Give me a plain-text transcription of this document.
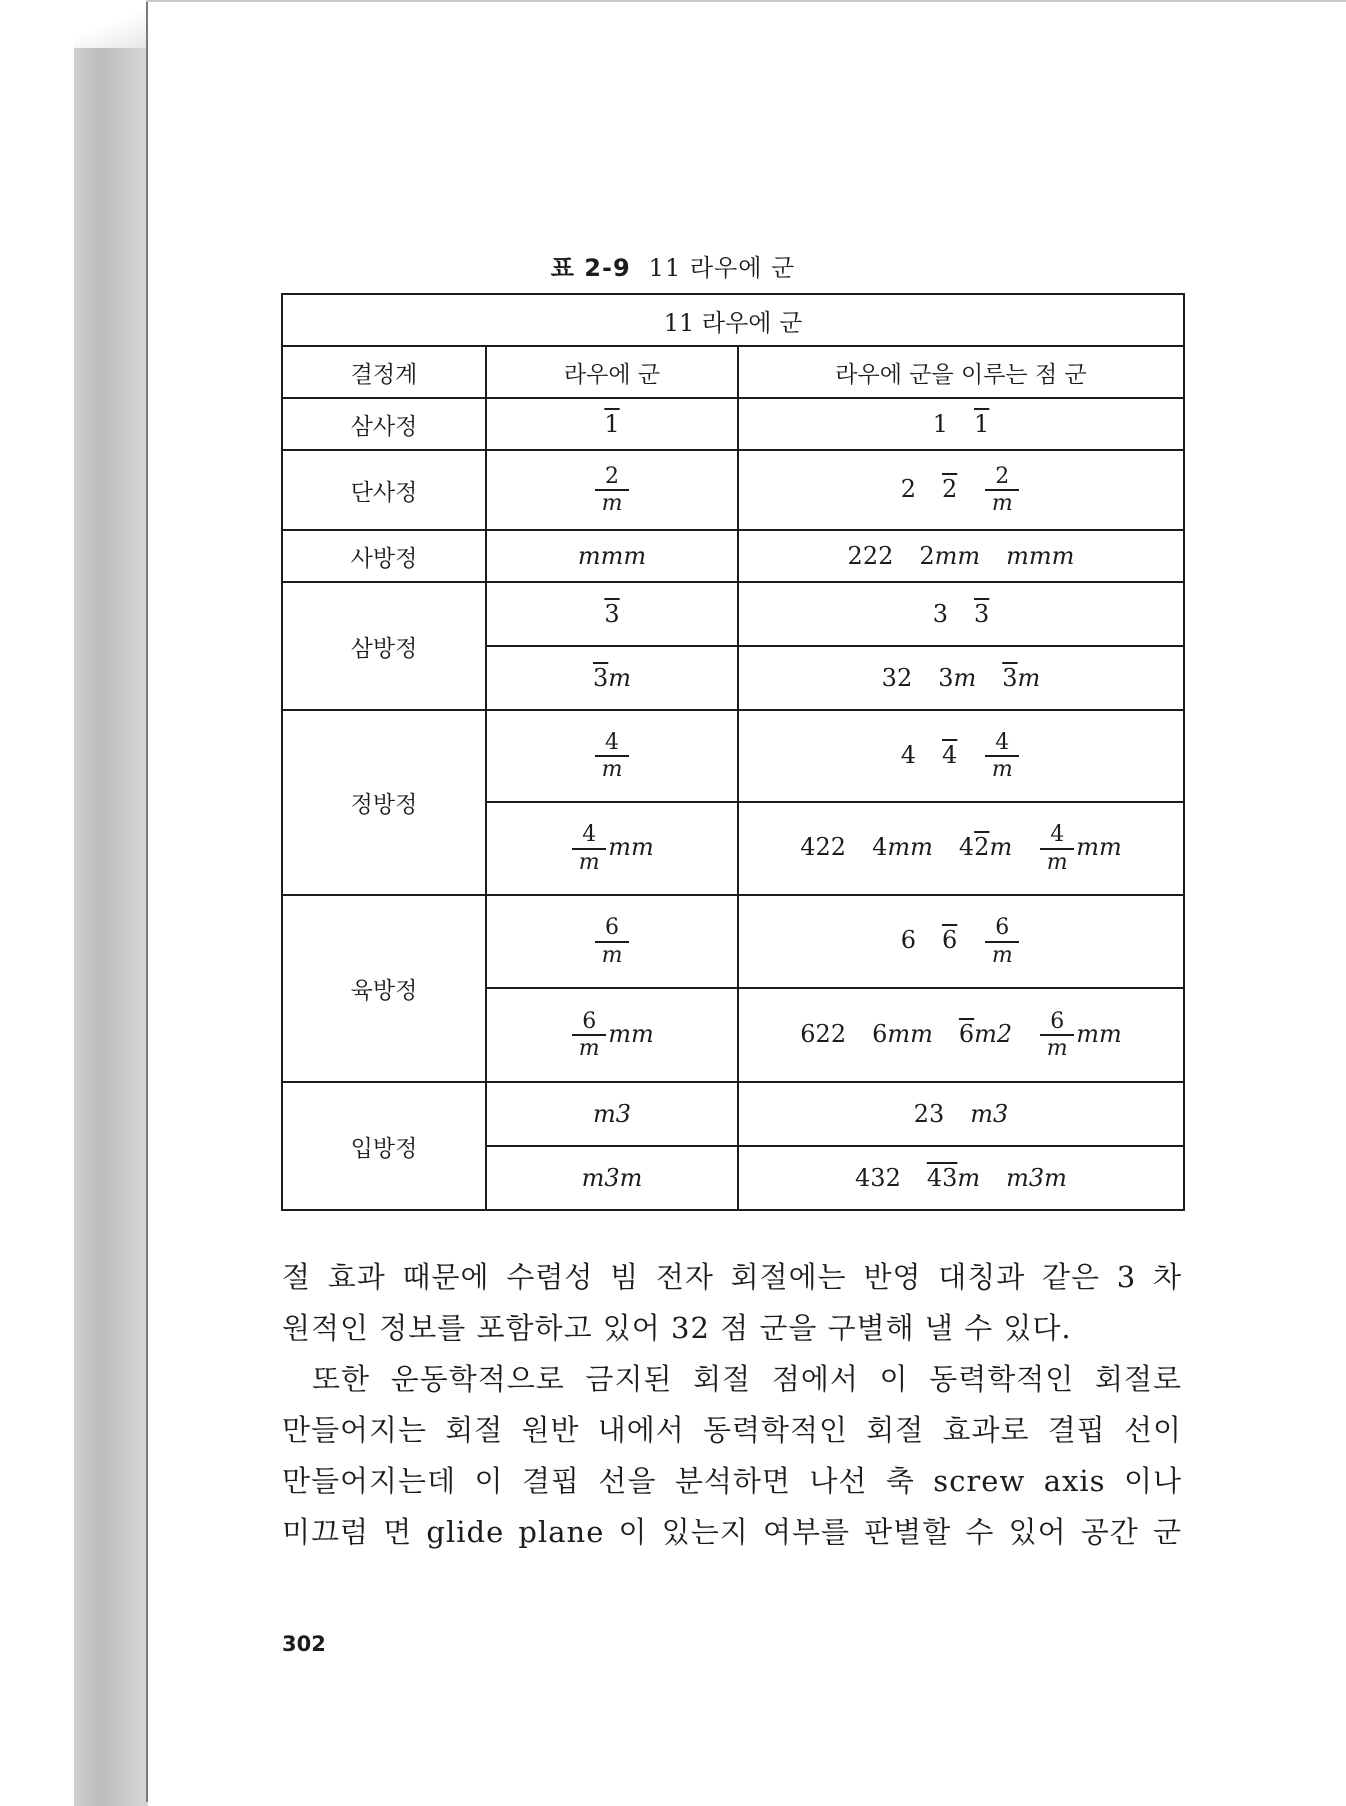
표 2-9 11 라우에 군
11 라우에 군		
결정계	라우에 군	라우에 군을 이루는 점 군
삼사정	1	1 1
단사정	$\frac{2}{m}$	2 $2 \frac{2}{m}$

사방정	mmm	222 2mm mmm
삼방정	3	3 3
	3m	32 3m 3m
정방정	$\frac{4}{m}$	4 $4 \frac{4}{m}$

	$\frac{4}{m}$ mm	422 4mm $42m \frac{4}{m}$ mm
육방정	$\frac{6}{m}$	6 $6 \frac{6}{m}$

	$\frac{6}{m}$ mm	622 6mm $6m2 \frac{6}{m}$ mm
입방정	m3	23 m3
	m3m	432 43m m3m

절 효과 때문에 수렴성 빔 전자 회절에는 반영 대칭과 같은 3 차

원적인 정보를 포함하고 있어 32 점 군을 구별해 낼 수 있다.

또한 운동학적으로 금지된 회절 점에서 이 동력학적인 회절로

만들어지는 회절 원반 내에서 동력학적인 회절 효과로 결핍 선이

만들어지는데 이 결핍 선을 분석하면 나선 축 screw axis 이나

미끄럼 면 glide plane 이 있는지 여부를 판별할 수 있어 공간 군

302
